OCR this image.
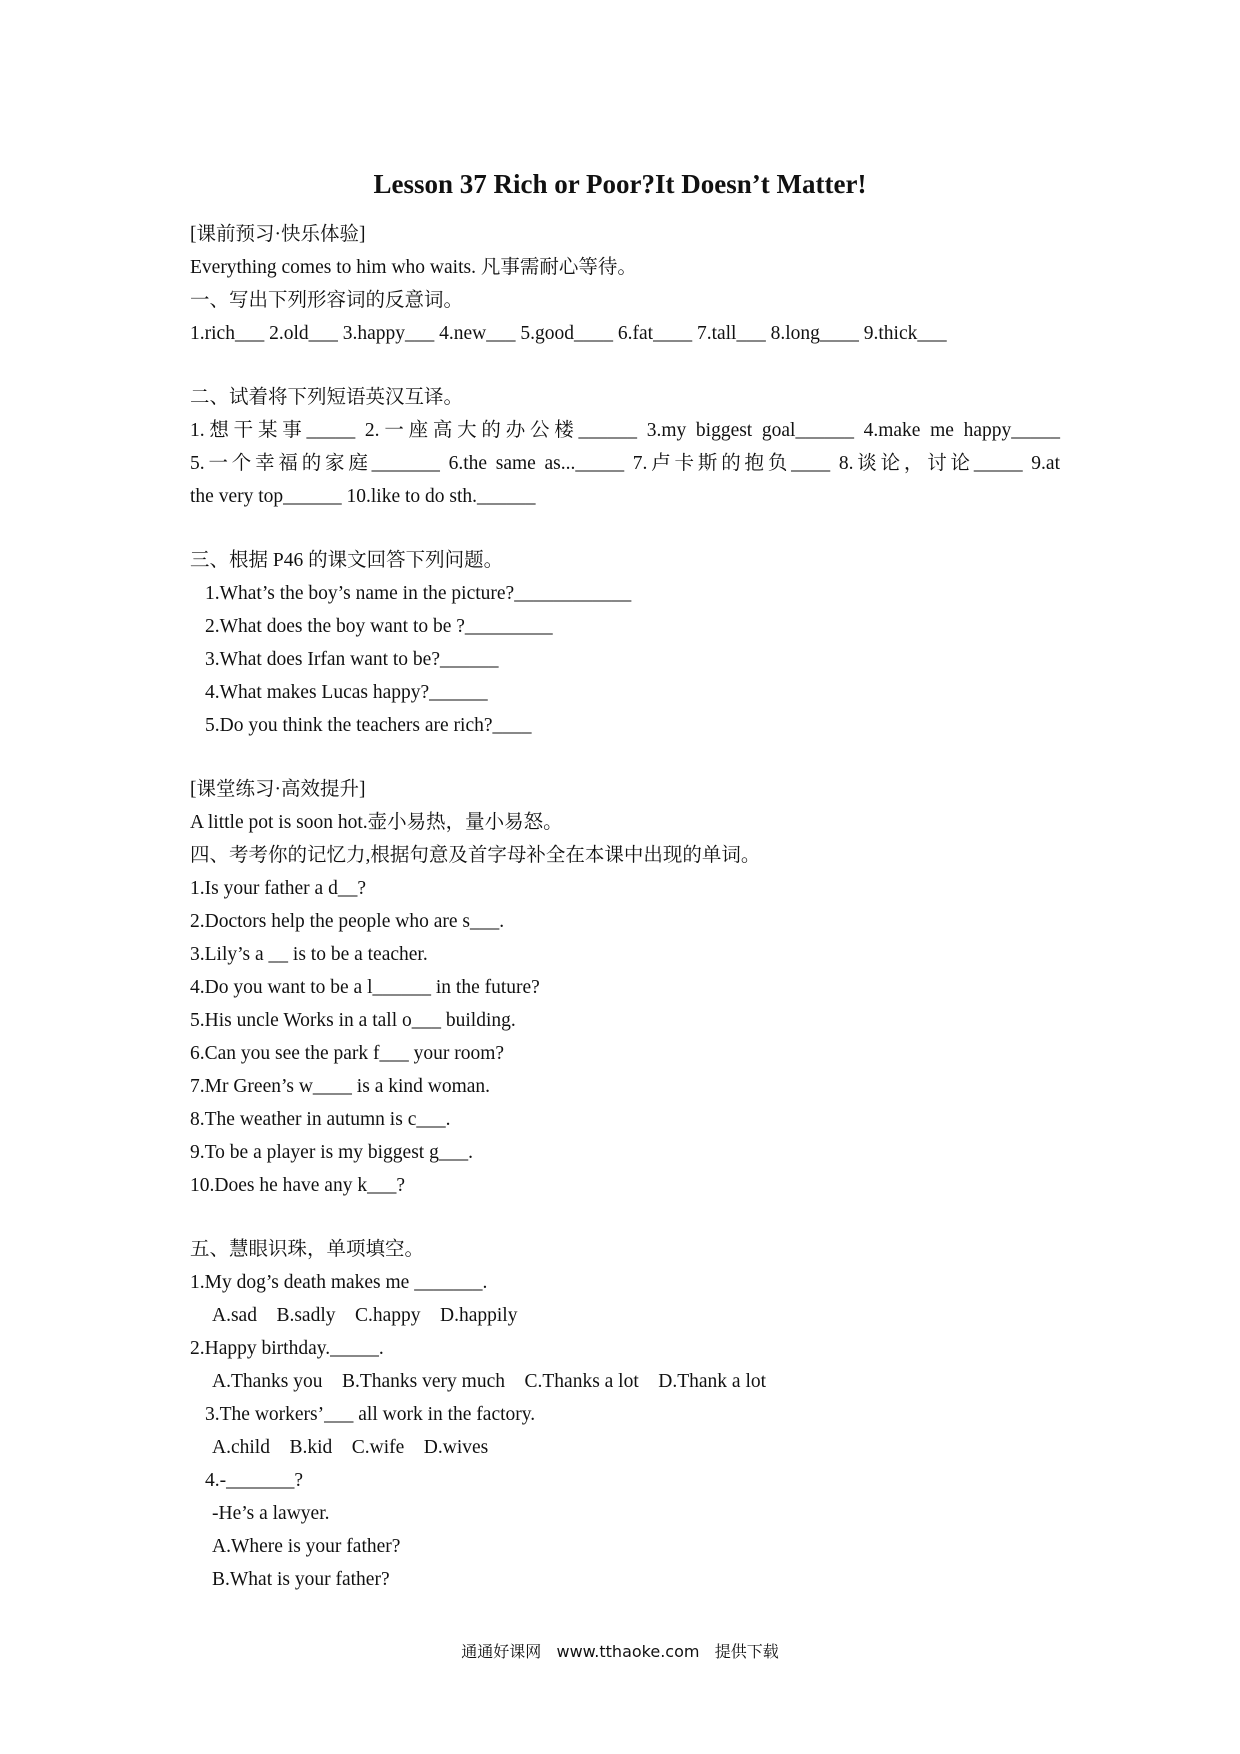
Lesson 37 Rich or Poor?It Doesn’t Matter!
[课前预习·快乐体验]
Everything comes to him who waits. 凡事需耐心等待。
一、写出下列形容词的反意词。
1.rich___ 2.old___ 3.happy___ 4.new___ 5.good____ 6.fat____ 7.tall___ 8.long____ 9.thick___
二、试着将下列短语英汉互译。
1.想干某事_____ 2.一座高大的办公楼______ 3.my biggest goal______ 4.make me happy_____
5.一个幸福的家庭_______ 6.the same as..._____ 7.卢卡斯的抱负____ 8.谈论，讨论_____ 9.at
the very top______ 10.like to do sth.______
三、根据 P46 的课文回答下列问题。
1.What’s the boy’s name in the picture?____________
2.What does the boy want to be ?_________
3.What does Irfan want to be?______
4.What makes Lucas happy?______
5.Do you think the teachers are rich?____
[课堂练习·高效提升]
A little pot is soon hot.壶小易热，量小易怒。
四、考考你的记忆力,根据句意及首字母补全在本课中出现的单词。
1.Is your father a d__?
2.Doctors help the people who are s___.
3.Lily’s a __ is to be a teacher.
4.Do you want to be a l______ in the future?
5.His uncle Works in a tall o___ building.
6.Can you see the park f___ your room?
7.Mr Green’s w____ is a kind woman.
8.The weather in autumn is c___.
9.To be a player is my biggest g___.
10.Does he have any k___?
五、慧眼识珠，单项填空。
1.My dog’s death makes me _______.
A.sad    B.sadly    C.happy    D.happily
2.Happy birthday._____.
A.Thanks you    B.Thanks very much    C.Thanks a lot    D.Thank a lot
3.The workers’___ all work in the factory.
A.child    B.kid    C.wife    D.wives
4.-_______?
-He’s a lawyer.
A.Where is your father?
B.What is your father?
通通好课网   www.tthaoke.com   提供下载
